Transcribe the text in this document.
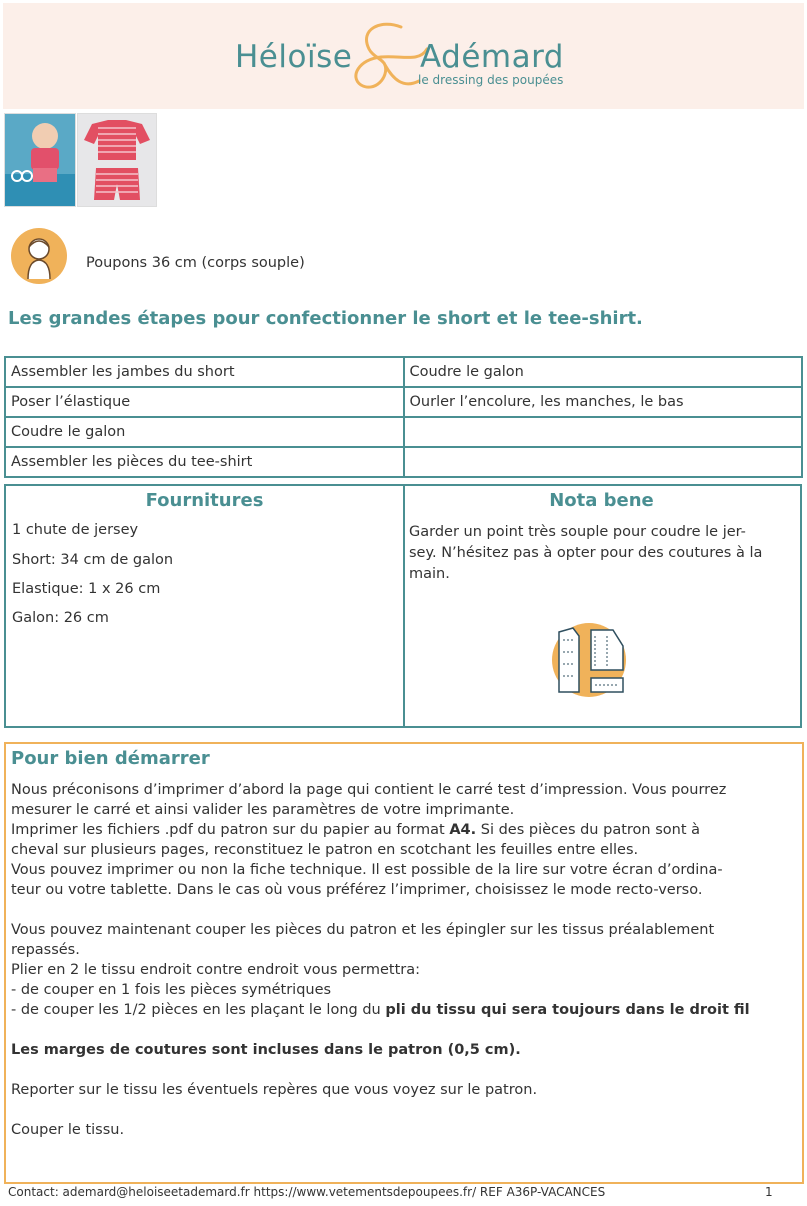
Héloïse Adémard
le dressing des poupées
Poupons 36 cm (corps souple)
Les grandes étapes pour confectionner le short et le tee-shirt.
Assembler les jambes du short	Coudre le galon
Poser l’élastique	Ourler l’encolure, les manches, le bas
Coudre le galon	
Assembler les pièces du tee-shirt	
Fournitures

1 chute de jersey

Short: 34 cm de galon

Elastique: 1 x 26 cm

Galon: 26 cm

Nota bene
Garder un point très souple pour coudre le jer-
sey. N’hésitez pas à opter pour des coutures à la
main.
Pour bien démarrer

Nous préconisons d’imprimer d’abord la page qui contient le carré test d’impression. Vous pourrez

mesurer le carré et ainsi valider les paramètres de votre imprimante.

Imprimer les fichiers .pdf du patron sur du papier au format A4. Si des pièces du patron sont à

cheval sur plusieurs pages, reconstituez le patron en scotchant les feuilles entre elles.

Vous pouvez imprimer ou non la fiche technique. Il est possible de la lire sur votre écran d’ordina-

teur ou votre tablette. Dans le cas où vous préférez l’imprimer, choisissez le mode recto-verso.

Vous pouvez maintenant couper les pièces du patron et les épingler sur les tissus préalablement

repassés.

Plier en 2 le tissu endroit contre endroit vous permettra:

- de couper en 1 fois les pièces symétriques

- de couper les 1/2 pièces en les plaçant le long du pli du tissu qui sera toujours dans le droit fil

Les marges de coutures sont incluses dans le patron (0,5 cm).

Reporter sur le tissu les éventuels repères que vous voyez sur le patron.

Couper le tissu.

Contact: ademard@heloiseetademard.fr https://www.vetementsdepoupees.fr/ REF A36P-VACANCES	1
